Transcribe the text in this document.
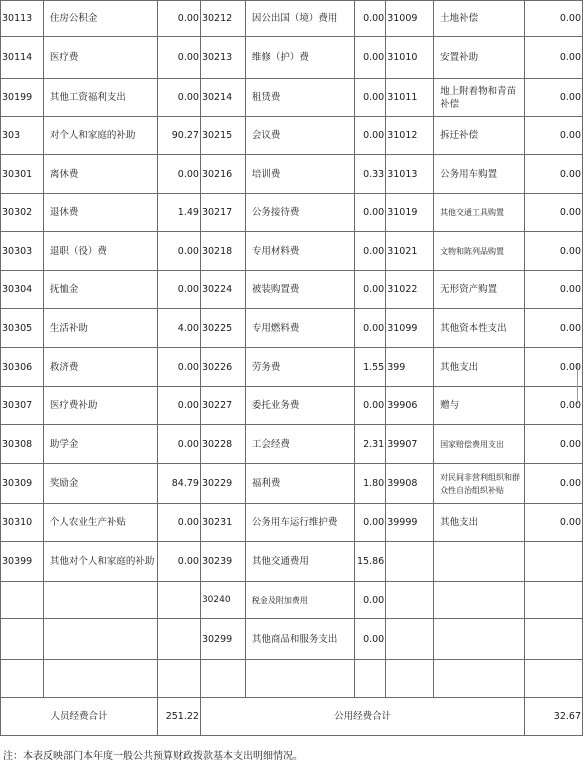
30113	住房公积金	0.00	30212	因公出国（境）费用	0.00	31009	土地补偿	0.00
30114	医疗费	0.00	30213	维修（护）费	0.00	31010	安置补助	0.00
30199	其他工资福利支出	0.00	30214	租赁费	0.00	31011	地上附着物和青苗补偿	0.00
303	对个人和家庭的补助	90.27	30215	会议费	0.00	31012	拆迁补偿	0.00
30301	离休费	0.00	30216	培训费	0.33	31013	公务用车购置	0.00
30302	退休费	1.49	30217	公务接待费	0.00	31019	其他交通工具购置	0.00
30303	退职（役）费	0.00	30218	专用材料费	0.00	31021	文物和陈列品购置	0.00
30304	抚恤金	0.00	30224	被装购置费	0.00	31022	无形资产购置	0.00
30305	生活补助	4.00	30225	专用燃料费	0.00	31099	其他资本性支出	0.00
30306	救济费	0.00	30226	劳务费	1.55	399	其他支出	0.00
30307	医疗费补助	0.00	30227	委托业务费	0.00	39906	赠与	0.00
30308	助学金	0.00	30228	工会经费	2.31	39907	国家赔偿费用支出	0.00
30309	奖励金	84.79	30229	福利费	1.80	39908	对民间非营利组织和群众性自治组织补贴	0.00
30310	个人农业生产补贴	0.00	30231	公务用车运行维护费	0.00	39999	其他支出	0.00
30399	其他对个人和家庭的补助	0.00	30239	其他交通费用	15.86			
			30240	税金及附加费用	0.00			
			30299	其他商品和服务支出	0.00			

人员经费合计		251.22	公用经费合计					32.67
注：本表反映部门本年度一般公共预算财政拨款基本支出明细情况。
